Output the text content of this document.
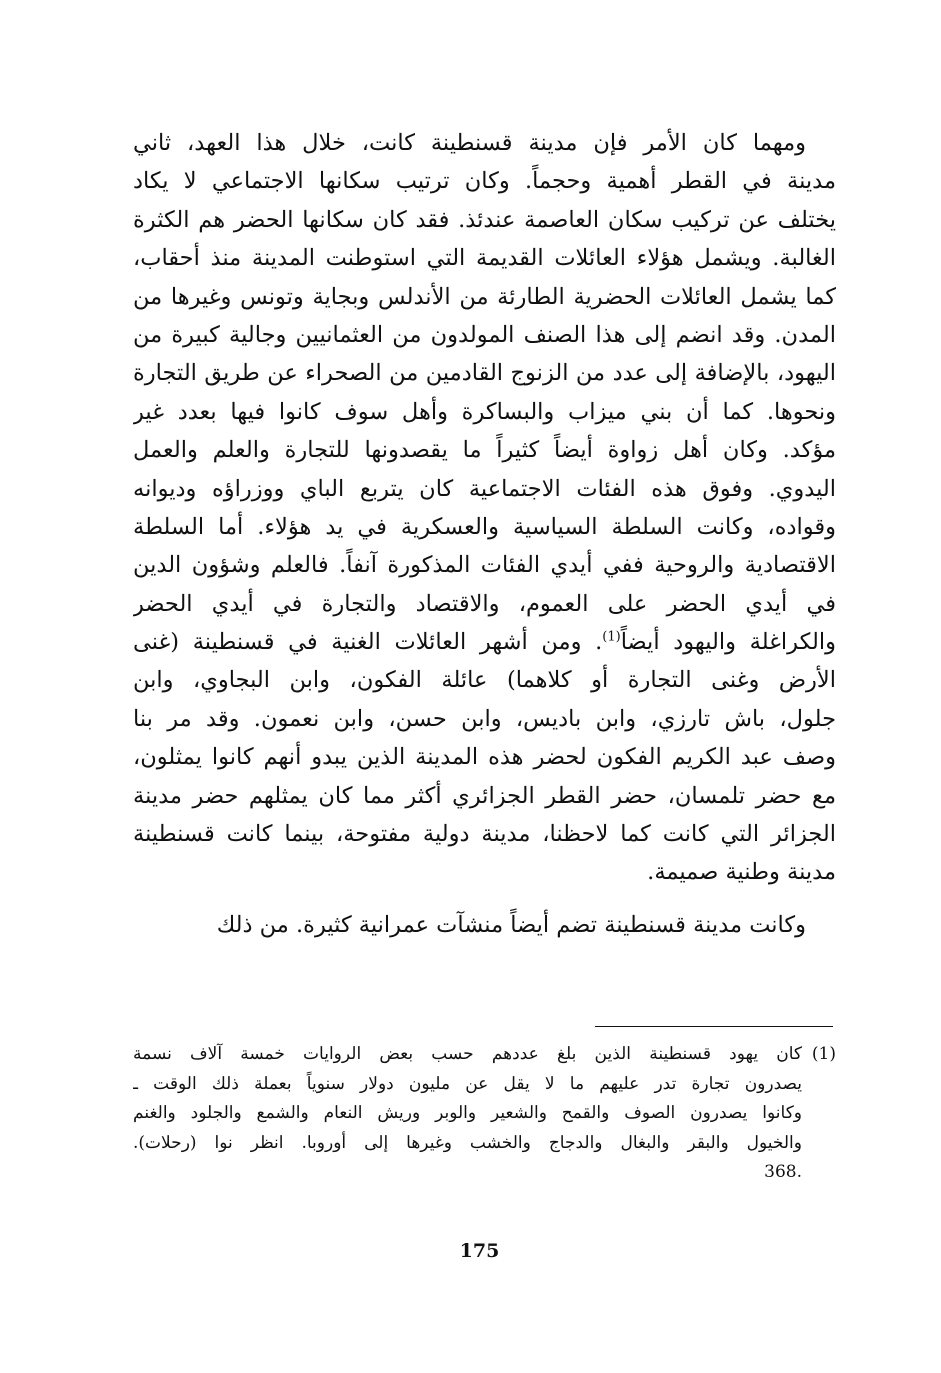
ومهما كان الأمر فإن مدينة قسنطينة كانت، خلال هذا العهد، ثاني
مدينة في القطر أهمية وحجماً. وكان ترتيب سكانها الاجتماعي لا يكاد
يختلف عن تركيب سكان العاصمة عندئذ. فقد كان سكانها الحضر هم الكثرة
الغالبة. ويشمل هؤلاء العائلات القديمة التي استوطنت المدينة منذ أحقاب،
كما يشمل العائلات الحضرية الطارئة من الأندلس وبجاية وتونس وغيرها من
المدن. وقد انضم إلى هذا الصنف المولدون من العثمانيين وجالية كبيرة من
اليهود، بالإضافة إلى عدد من الزنوج القادمين من الصحراء عن طريق التجارة
ونحوها. كما أن بني ميزاب والبساكرة وأهل سوف كانوا فيها بعدد غير
مؤكد. وكان أهل زواوة أيضاً كثيراً ما يقصدونها للتجارة والعلم والعمل
اليدوي. وفوق هذه الفئات الاجتماعية كان يتربع الباي ووزراؤه وديوانه
وقواده، وكانت السلطة السياسية والعسكرية في يد هؤلاء. أما السلطة
الاقتصادية والروحية ففي أيدي الفئات المذكورة آنفاً. فالعلم وشؤون الدين
في أيدي الحضر على العموم، والاقتصاد والتجارة في أيدي الحضر
والكراغلة واليهود أيضاً$^{(1)}$. ومن أشهر العائلات الغنية في قسنطينة (غنى
الأرض وغنى التجارة أو كلاهما) عائلة الفكون، وابن البجاوي، وابن
جلول، باش تارزي، وابن باديس، وابن حسن، وابن نعمون. وقد مر بنا
وصف عبد الكريم الفكون لحضر هذه المدينة الذين يبدو أنهم كانوا يمثلون،
مع حضر تلمسان، حضر القطر الجزائري أكثر مما كان يمثلهم حضر مدينة
الجزائر التي كانت كما لاحظنا، مدينة دولية مفتوحة، بينما كانت قسنطينة
مدينة وطنية صميمة.
وكانت مدينة قسنطينة تضم أيضاً منشآت عمرانية كثيرة. من ذلك
(1)كان يهود قسنطينة الذين بلغ عددهم حسب بعض الروايات خمسة آلاف نسمة
يصدرون تجارة تدر عليهم ما لا يقل عن مليون دولار سنوياً بعملة ذلك الوقت ـ
وكانوا يصدرون الصوف والقمح والشعير والوبر وريش النعام والشمع والجلود والغنم
والخيول والبقر والبغال والدجاج والخشب وغيرها إلى أوروبا. انظر نوا (رحلات).
.368
175
